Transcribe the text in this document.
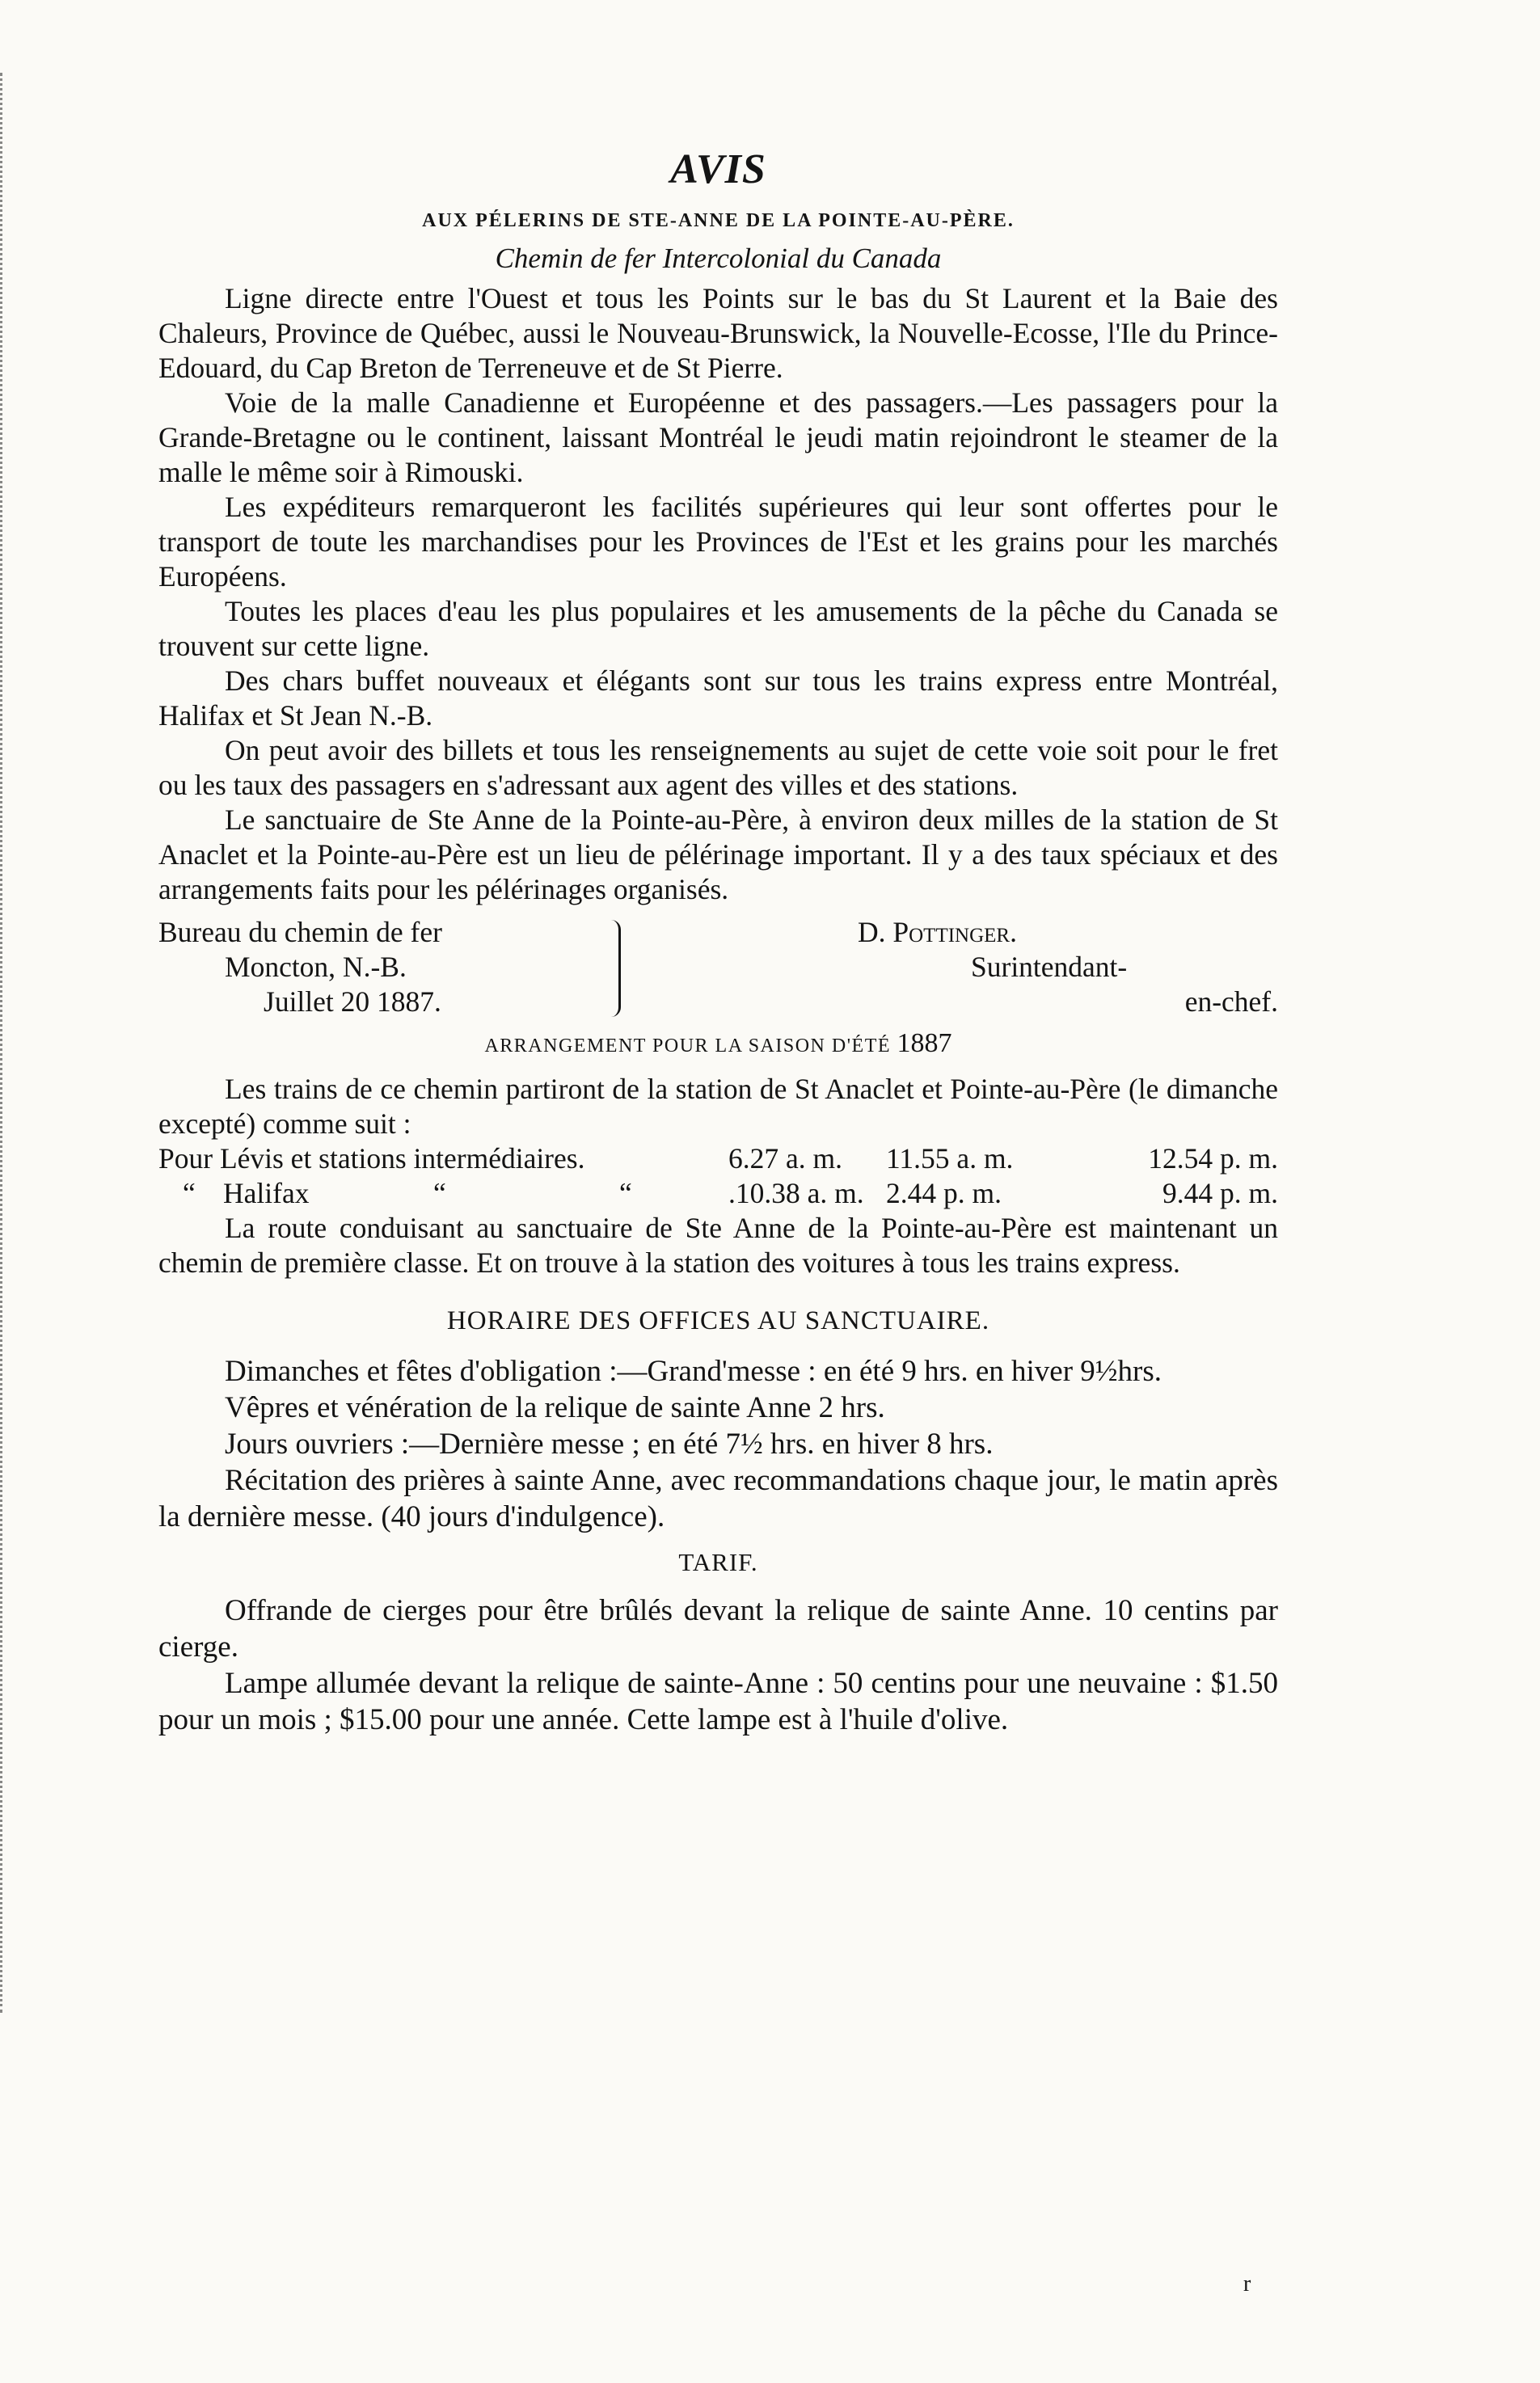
AVIS
AUX PÉLERINS DE STE-ANNE DE LA POINTE-AU-PÈRE.
Chemin de fer Intercolonial du Canada

Ligne directe entre l'Ouest et tous les Points sur le bas du St Laurent et la Baie des Chaleurs, Province de Québec, aussi le Nouveau-Brunswick, la Nouvelle-Ecosse, l'Ile du Prince-Edouard, du Cap Breton de Terreneuve et de St Pierre.

Voie de la malle Canadienne et Européenne et des passagers.—Les passagers pour la Grande-Bretagne ou le continent, laissant Montréal le jeudi matin rejoindront le steamer de la malle le même soir à Rimouski.

Les expéditeurs remarqueront les facilités supérieures qui leur sont offertes pour le transport de toute les marchandises pour les Provinces de l'Est et les grains pour les marchés Européens.

Toutes les places d'eau les plus populaires et les amusements de la pêche du Canada se trouvent sur cette ligne.

Des chars buffet nouveaux et élégants sont sur tous les trains express entre Montréal, Halifax et St Jean N.-B.

On peut avoir des billets et tous les renseignements au sujet de cette voie soit pour le fret ou les taux des passagers en s'adressant aux agent des villes et des stations.

Le sanctuaire de Ste Anne de la Pointe-au-Père, à environ deux milles de la station de St Anaclet et la Pointe-au-Père est un lieu de pélérinage important. Il y a des taux spéciaux et des arrangements faits pour les pélérinages organisés.

Bureau du chemin de fer
Moncton, N.-B.
Juillet 20 1887.
D. Pottinger.
Surintendant-
en-chef.
ARRANGEMENT POUR LA SAISON D'ÉTÉ 1887

Les trains de ce chemin partiront de la station de St Anaclet et Pointe-au-Père (le dimanche excepté) comme suit :

Pour Lévis et stations intermédiaires.	6.27 a. m.	11.55 a. m.	12.54 p. m.
“ Halifax	“	“	.10.38 a. m. 2.44 p. m.	9.44 p. m.

La route conduisant au sanctuaire de Ste Anne de la Pointe-au-Père est maintenant un chemin de première classe. Et on trouve à la station des voitures à tous les trains express.

HORAIRE DES OFFICES AU SANCTUAIRE.

Dimanches et fêtes d'obligation :—Grand'messe : en été 9 hrs. en hiver 9½hrs.

Vêpres et vénération de la relique de sainte Anne 2 hrs.

Jours ouvriers :—Dernière messe ; en été 7½ hrs. en hiver 8 hrs.

Récitation des prières à sainte Anne, avec recommandations chaque jour, le matin après la dernière messe. (40 jours d'indulgence).

TARIF.

Offrande de cierges pour être brûlés devant la relique de sainte Anne. 10 centins par cierge.

Lampe allumée devant la relique de sainte-Anne : 50 centins pour une neuvaine : $1.50 pour un mois ; $15.00 pour une année. Cette lampe est à l'huile d'olive.

r
